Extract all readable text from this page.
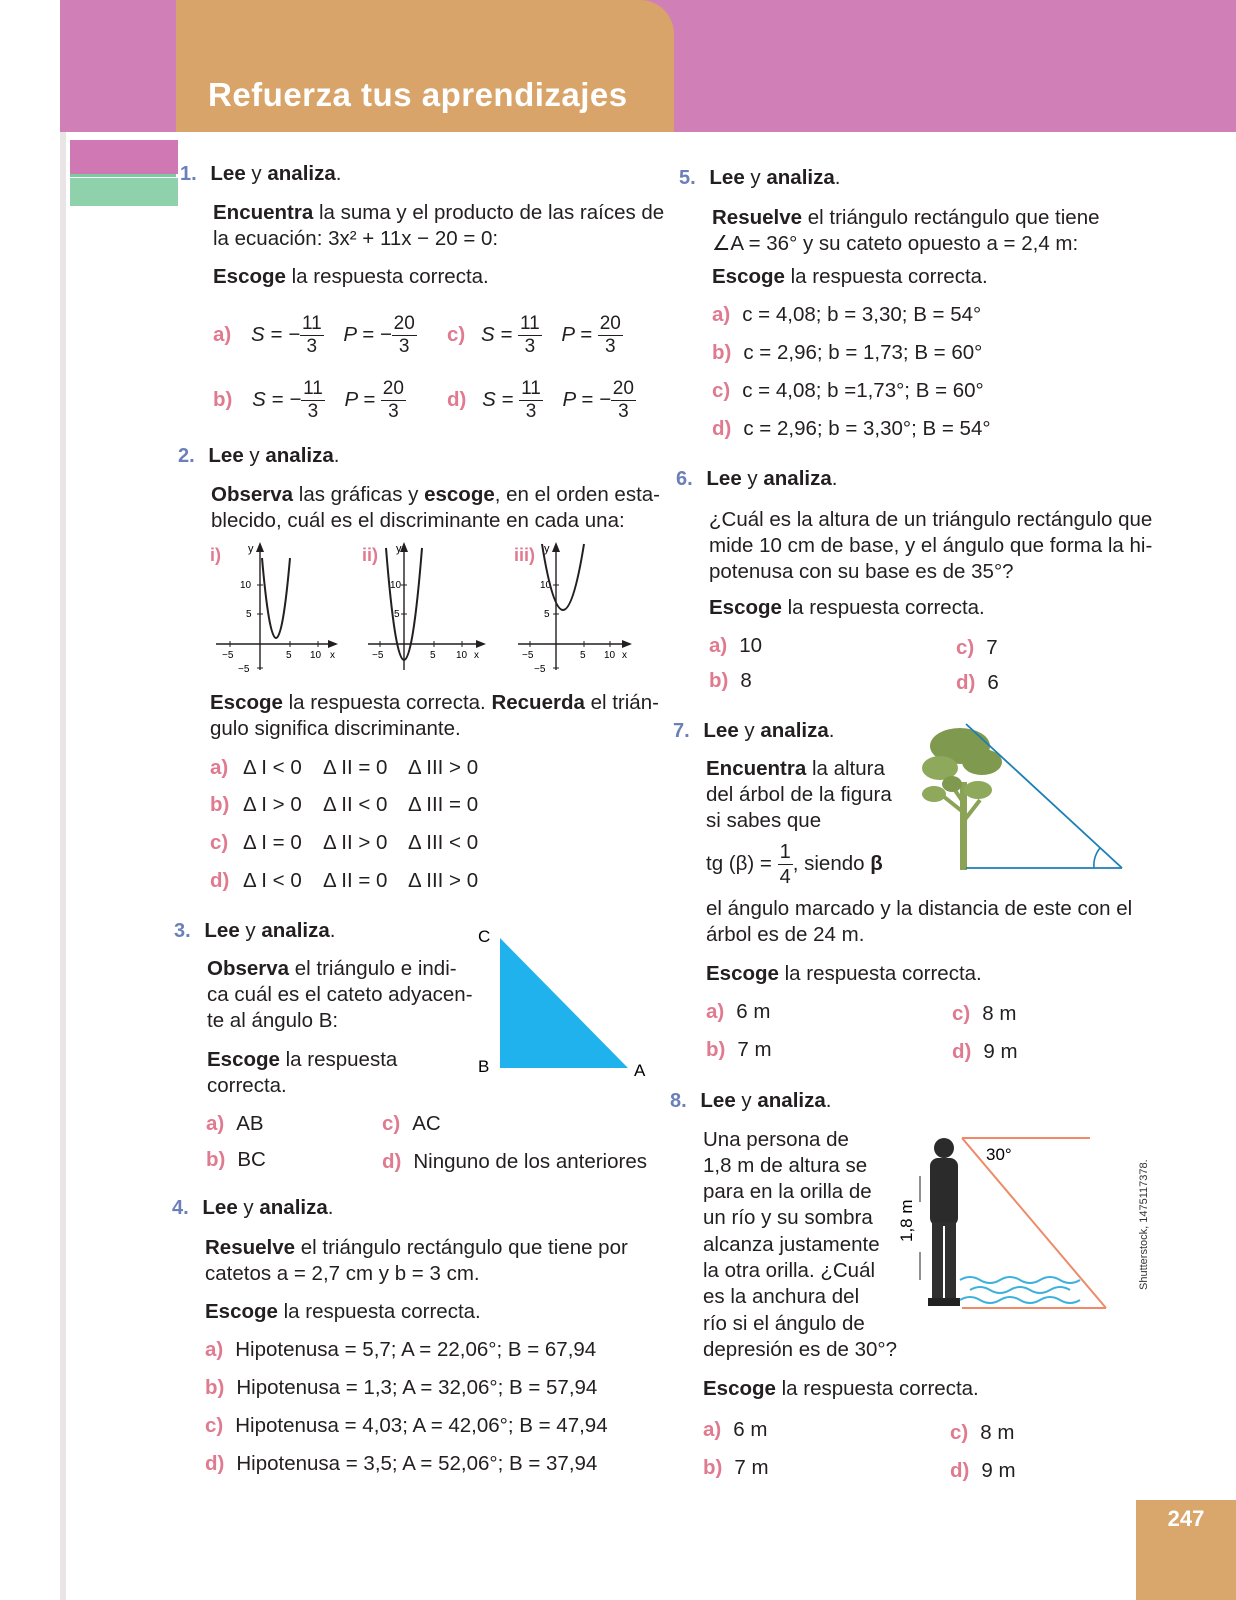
Refuerza tus aprendizajes
1. Lee y analiza.
Encuentra la suma y el producto de las raíces de
la ecuación: 3x² + 11x − 20 = 0:
Escoge la respuesta correcta.
a) S = − $\frac{11}{3}$ P = − $\frac{20}{3}$
b) S = − $\frac{11}{3}$ $P = \frac{20}{3}$
c) $S = \frac{11}{3}$ $P = \frac{20}{3}$
d) $S = \frac{11}{3}$ P = − $\frac{20}{3}$
2. Lee y analiza.
Observa las gráficas y escoge, en el orden esta-
blecido, cuál es el discriminante en cada una:
i) y
10
5
−5	5 10 x
−5
ii) y
10
5
−5	5 10 x
iii) y
10
5
−5	5 10 x
−5
Escoge la respuesta correcta. Recuerda el trián-
gulo significa discriminante.
a) Δ I < 0 Δ II = 0 Δ III > 0
b) Δ I > 0 Δ II < 0 Δ III = 0
c) Δ I = 0 Δ II > 0 Δ III < 0
d) Δ I < 0 Δ II = 0 Δ III > 0
3. Lee y analiza.
Observa el triángulo e indi-
ca cuál es el cateto adyacen-
te al ángulo B:
Escoge la respuesta
correcta.
C
B	A
a) AB
b) BC
c) AC
d) Ninguno de los anteriores
4. Lee y analiza.
Resuelve el triángulo rectángulo que tiene por
catetos a = 2,7 cm y b = 3 cm.
Escoge la respuesta correcta.
a) Hipotenusa = 5,7; A = 22,06°; B = 67,94
b) Hipotenusa = 1,3; A = 32,06°; B = 57,94
c) Hipotenusa = 4,03; A = 42,06°; B = 47,94
d) Hipotenusa = 3,5; A = 52,06°; B = 37,94
5. Lee y analiza.
Resuelve el triángulo rectángulo que tiene
∠A = 36° y su cateto opuesto a = 2,4 m:
Escoge la respuesta correcta.
a) c = 4,08; b = 3,30; B = 54°
b) c = 2,96; b = 1,73; B = 60°
c) c = 4,08; b =1,73°; B = 60°
d) c = 2,96; b = 3,30°; B = 54°
6. Lee y analiza.
¿Cuál es la altura de un triángulo rectángulo que
mide 10 cm de base, y el ángulo que forma la hi-
potenusa con su base es de 35°?
Escoge la respuesta correcta.
a) 10
b) 8
c) 7
d) 6
7. Lee y analiza.
Encuentra la altura
del árbol de la figura
si sabes que
tg $(\beta) = \frac{1}{4}$ , siendo β
el ángulo marcado y la distancia de este con el
árbol es de 24 m.
Escoge la respuesta correcta.
a) 6 m
b) 7 m
c) 8 m
d) 9 m
8. Lee y analiza.
Una persona de
1,8 m de altura se
para en la orilla de
un río y su sombra
alcanza justamente
la otra orilla. ¿Cuál
es la anchura del
río si el ángulo de
depresión es de 30°?
30°
1,8 m
Escoge la respuesta correcta.
a) 6 m
b) 7 m
c) 8 m
d) 9 m
Shutterstock, 1475117378.
247
